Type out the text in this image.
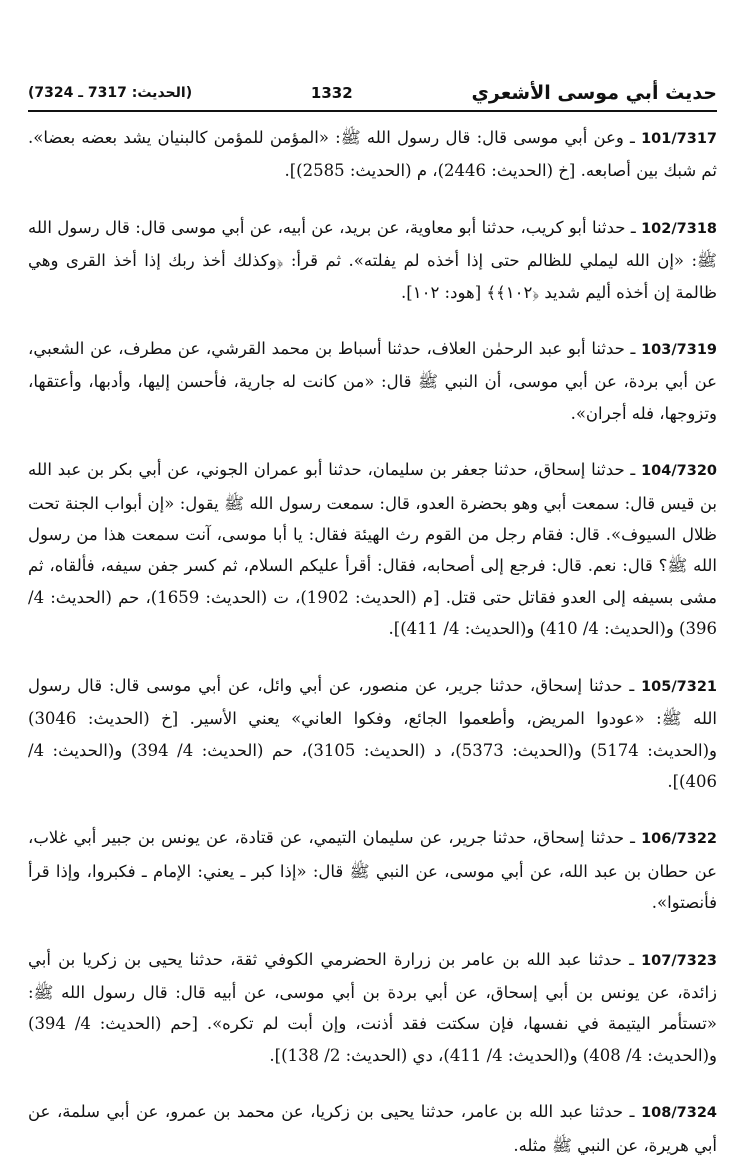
(الحديث: 7317 ـ 7324)	1332	حديث أبي موسى الأشعري

101/7317 ـ وعن أبي موسى قال: قال رسول الله ﷺ: «المؤمن للمؤمن كالبنيان يشد بعضه بعضا». ثم شبك بين أصابعه. [خ (الحديث: 2446)، م (الحديث: 2585)].

102/7318 ـ حدثنا أبو كريب، حدثنا أبو معاوية، عن بريد، عن أبيه، عن أبي موسى قال: قال رسول الله ﷺ: «إن الله ليملي للظالم حتى إذا أخذه لم يفلته». ثم قرأ: ﴿وكذلك أخذ ربك إذا أخذ القرى وهي ظالمة إن أخذه أليم شديد ﴿١٠٢﴾﴾ [هود: ١٠٢].

103/7319 ـ حدثنا أبو عبد الرحمٰن العلاف، حدثنا أسباط بن محمد القرشي، عن مطرف، عن الشعبي، عن أبي بردة، عن أبي موسى، أن النبي ﷺ قال: «من كانت له جارية، فأحسن إليها، وأدبها، وأعتقها، وتزوجها، فله أجران».

104/7320 ـ حدثنا إسحاق، حدثنا جعفر بن سليمان، حدثنا أبو عمران الجوني، عن أبي بكر بن عبد الله بن قيس قال: سمعت أبي وهو بحضرة العدو، قال: سمعت رسول الله ﷺ يقول: «إن أبواب الجنة تحت ظلال السيوف». قال: فقام رجل من القوم رث الهيئة فقال: يا أبا موسى، آنت سمعت هذا من رسول الله ﷺ؟ قال: نعم. قال: فرجع إلى أصحابه، فقال: أقرأ عليكم السلام، ثم كسر جفن سيفه، فألقاه، ثم مشى بسيفه إلى العدو فقاتل حتى قتل. [م (الحديث: 1902)، ت (الحديث: 1659)، حم (الحديث: 4/ 396) و(الحديث: 4/ 410) و(الحديث: 4/ 411)].

105/7321 ـ حدثنا إسحاق، حدثنا جرير، عن منصور، عن أبي وائل، عن أبي موسى قال: قال رسول الله ﷺ: «عودوا المريض، وأطعموا الجائع، وفكوا العاني» يعني الأسير. [خ (الحديث: 3046) و(الحديث: 5174) و(الحديث: 5373)، د (الحديث: 3105)، حم (الحديث: 4/ 394) و(الحديث: 4/ 406)].

106/7322 ـ حدثنا إسحاق، حدثنا جرير، عن سليمان التيمي، عن قتادة، عن يونس بن جبير أبي غلاب، عن حطان بن عبد الله، عن أبي موسى، عن النبي ﷺ قال: «إذا كبر ـ يعني: الإمام ـ فكبروا، وإذا قرأ فأنصتوا».

107/7323 ـ حدثنا عبد الله بن عامر بن زرارة الحضرمي الكوفي ثقة، حدثنا يحيى بن زكريا بن أبي زائدة، عن يونس بن أبي إسحاق، عن أبي بردة بن أبي موسى، عن أبيه قال: قال رسول الله ﷺ: «تستأمر اليتيمة في نفسها، فإن سكتت فقد أذنت، وإن أبت لم تكره». [حم (الحديث: 4/ 394) و(الحديث: 4/ 408) و(الحديث: 4/ 411)، دي (الحديث: 2/ 138)].

108/7324 ـ حدثنا عبد الله بن عامر، حدثنا يحيى بن زكريا، عن محمد بن عمرو، عن أبي سلمة، عن أبي هريرة، عن النبي ﷺ مثله.
